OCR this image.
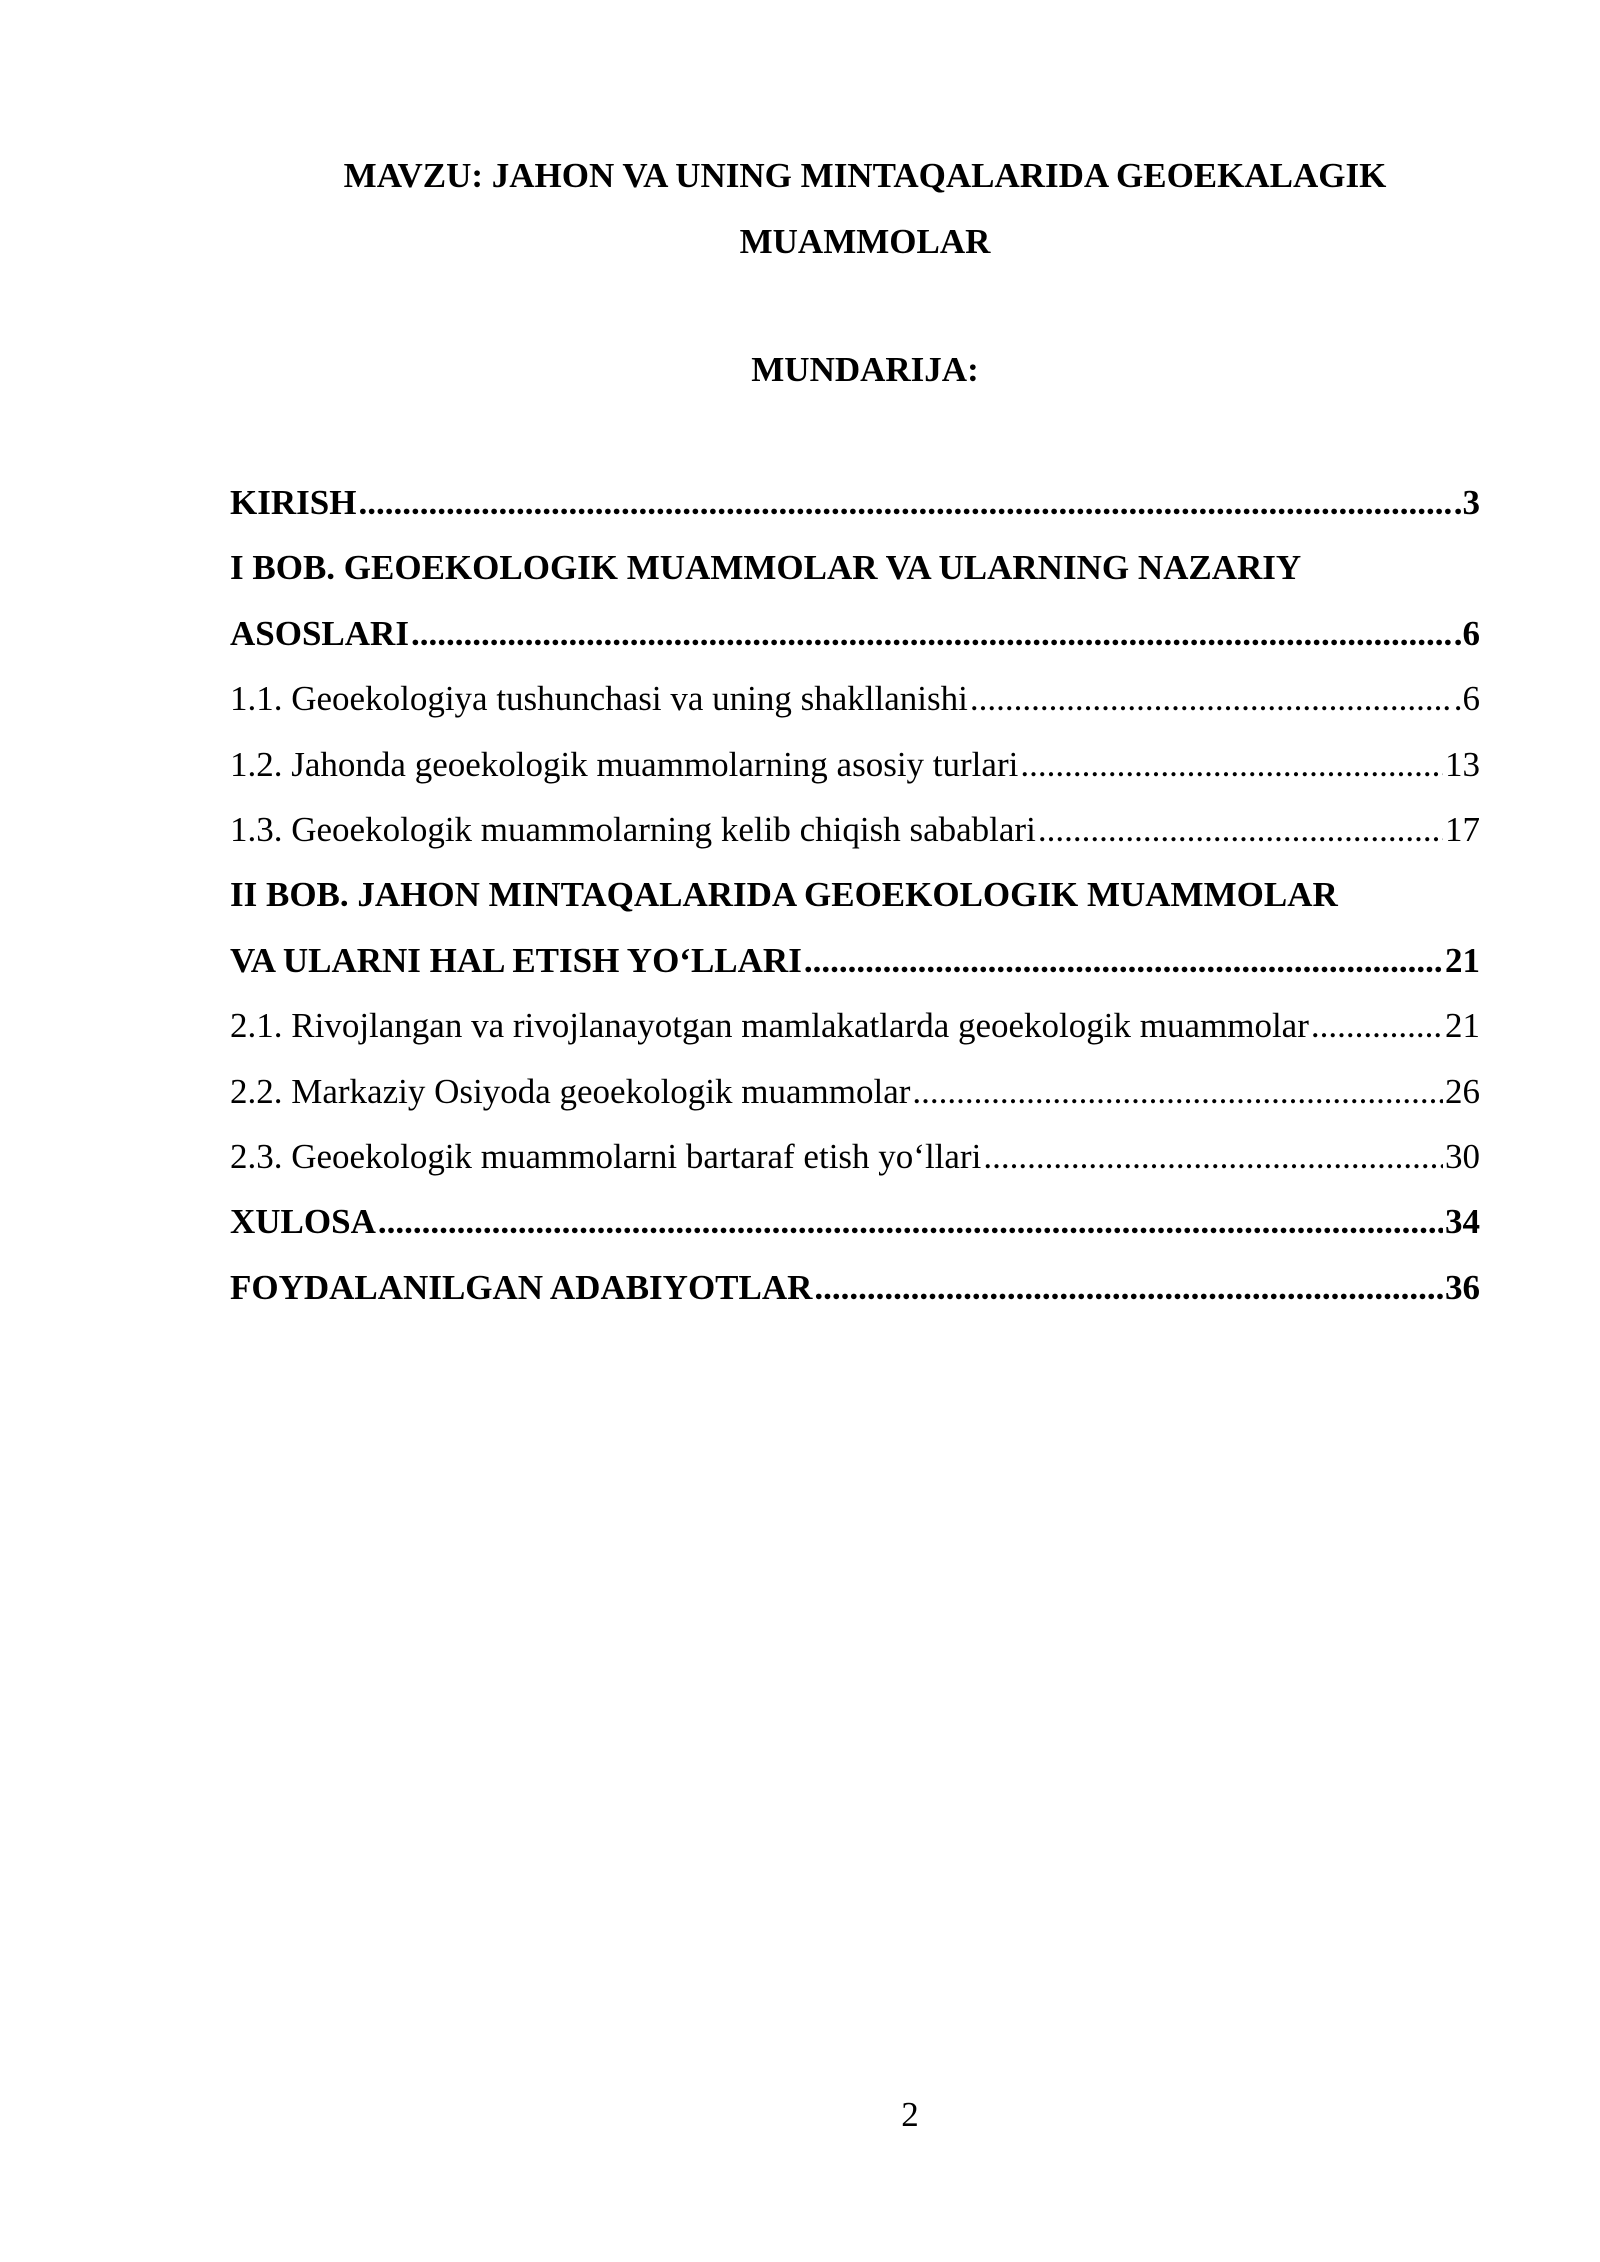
MAVZU: JAHON VA UNING MINTAQALARIDA GEOEKALAGIK
MUAMMOLAR
MUNDARIJA:
KIRISH .....	.3
I BOB. GEOEKOLOGIK MUAMMOLAR VA ULARNING NAZARIY
ASOSLARI .....	.6
1.1. Geoekologiya tushunchasi va uning shakllanishi .....	.6
1.2. Jahonda geoekologik muammolarning asosiy turlari .....	13
1.3. Geoekologik muammolarning kelib chiqish sabablari .....	17
II BOB. JAHON MINTAQALARIDA GEOEKOLOGIK MUAMMOLAR
VA ULARNI HAL ETISH YO‘LLARI .....	21
2.1. Rivojlangan va rivojlanayotgan mamlakatlarda geoekologik muammolar .....	21
2.2. Markaziy Osiyoda geoekologik muammolar .....	26
2.3. Geoekologik muammolarni bartaraf etish yo‘llari .....	30
XULOSA .....	34
FOYDALANILGAN ADABIYOTLAR .....	36
2
